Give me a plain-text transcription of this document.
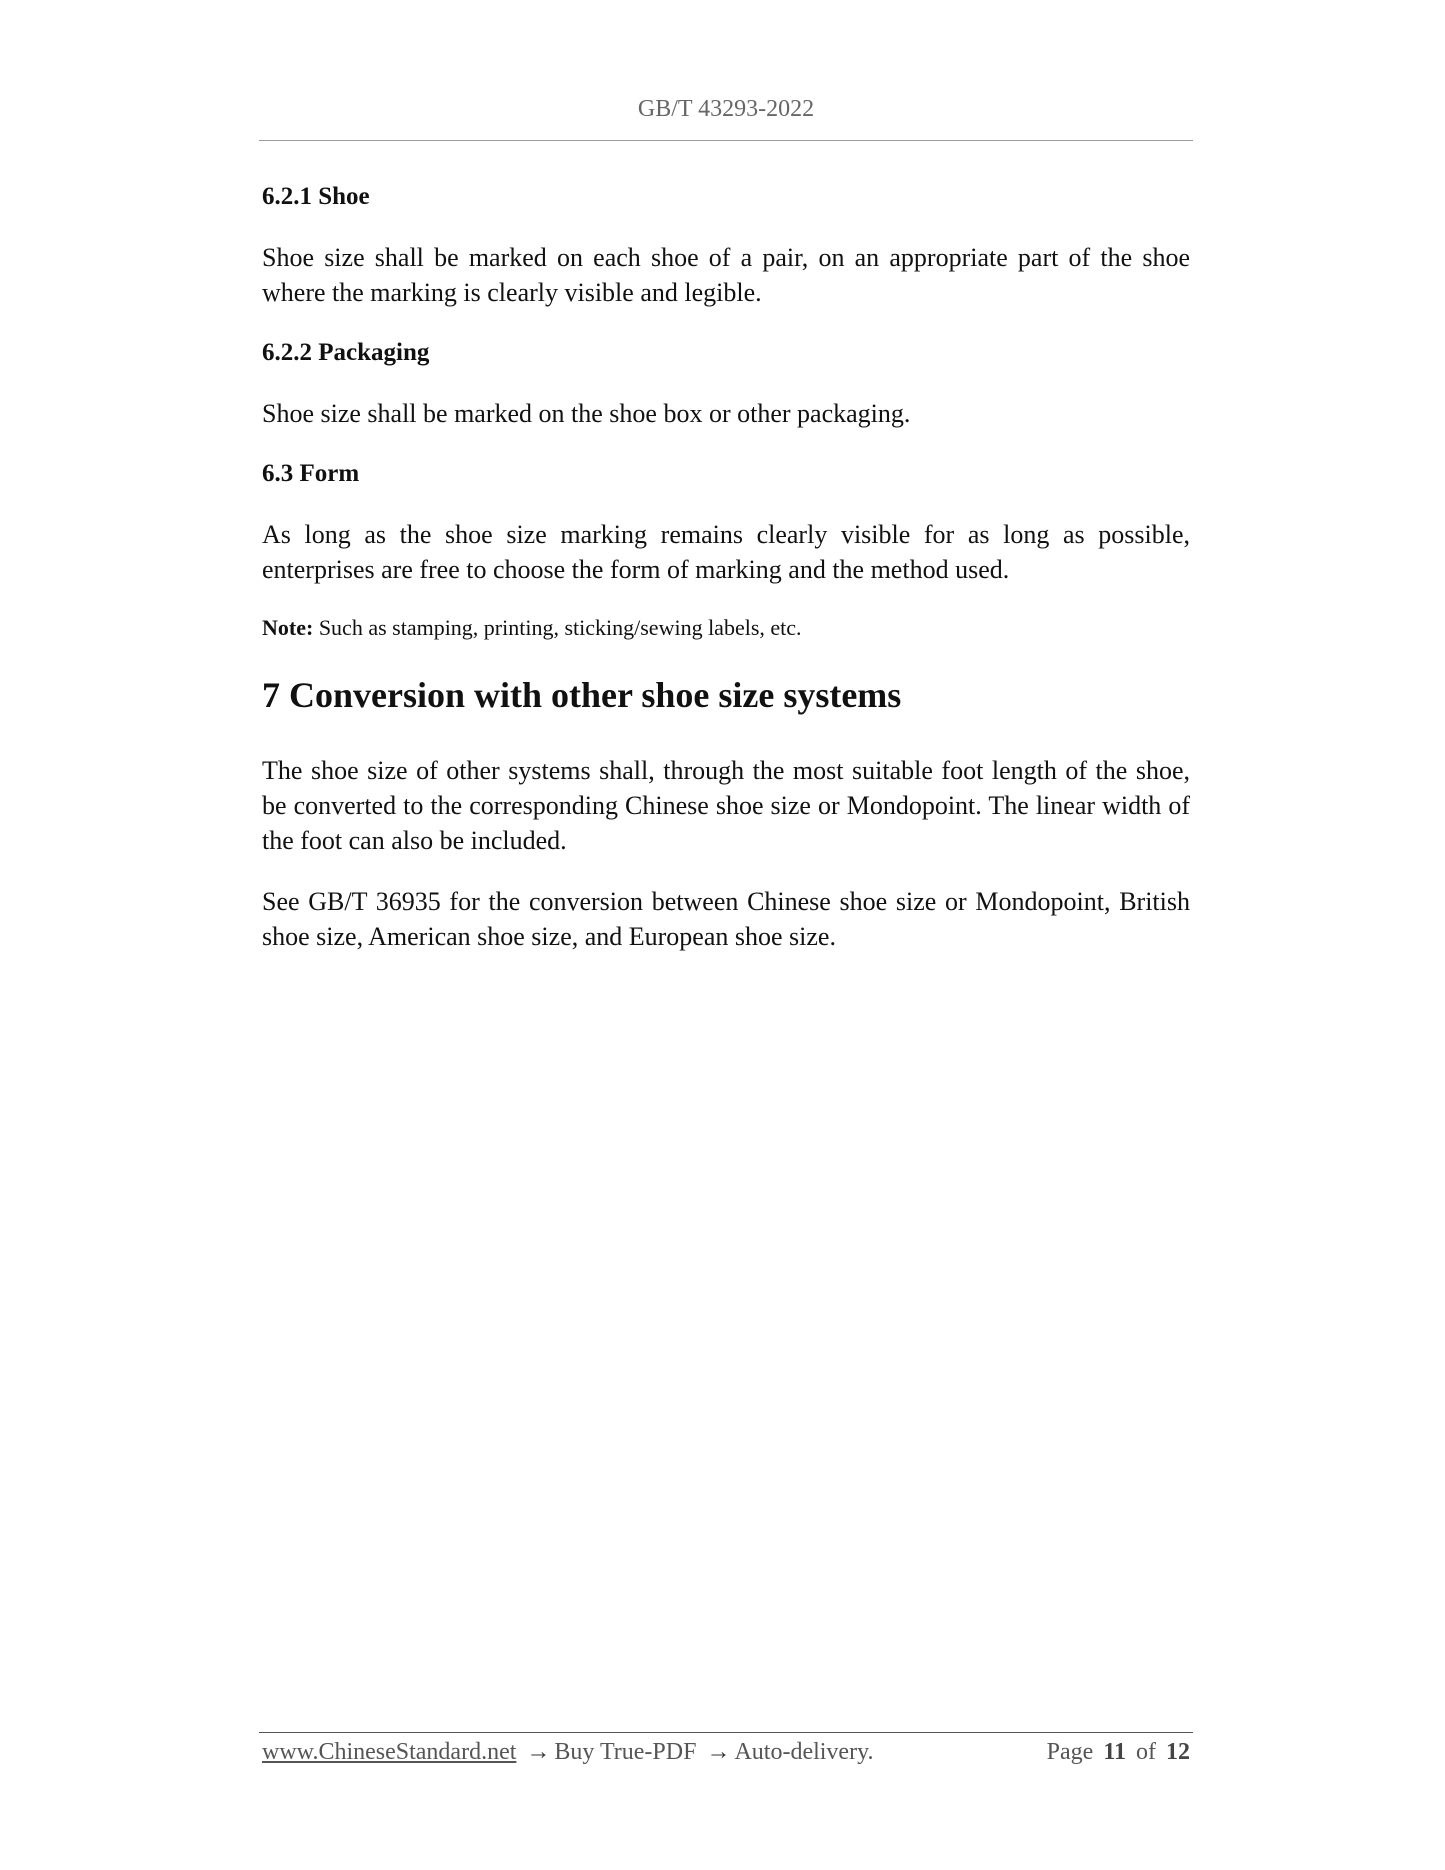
GB/T 43293-2022
6.2.1 Shoe
Shoe size shall be marked on each shoe of a pair, on an appropriate part of the shoe where the marking is clearly visible and legible.
6.2.2 Packaging
Shoe size shall be marked on the shoe box or other packaging.
6.3 Form
As long as the shoe size marking remains clearly visible for as long as possible, enterprises are free to choose the form of marking and the method used.
Note: Such as stamping, printing, sticking/sewing labels, etc.
7 Conversion with other shoe size systems
The shoe size of other systems shall, through the most suitable foot length of the shoe, be converted to the corresponding Chinese shoe size or Mondopoint. The linear width of the foot can also be included.
See GB/T 36935 for the conversion between Chinese shoe size or Mondopoint, British shoe size, American shoe size, and European shoe size.
www.ChineseStandard.net → Buy True-PDF → Auto-delivery.	Page 11 of 12
